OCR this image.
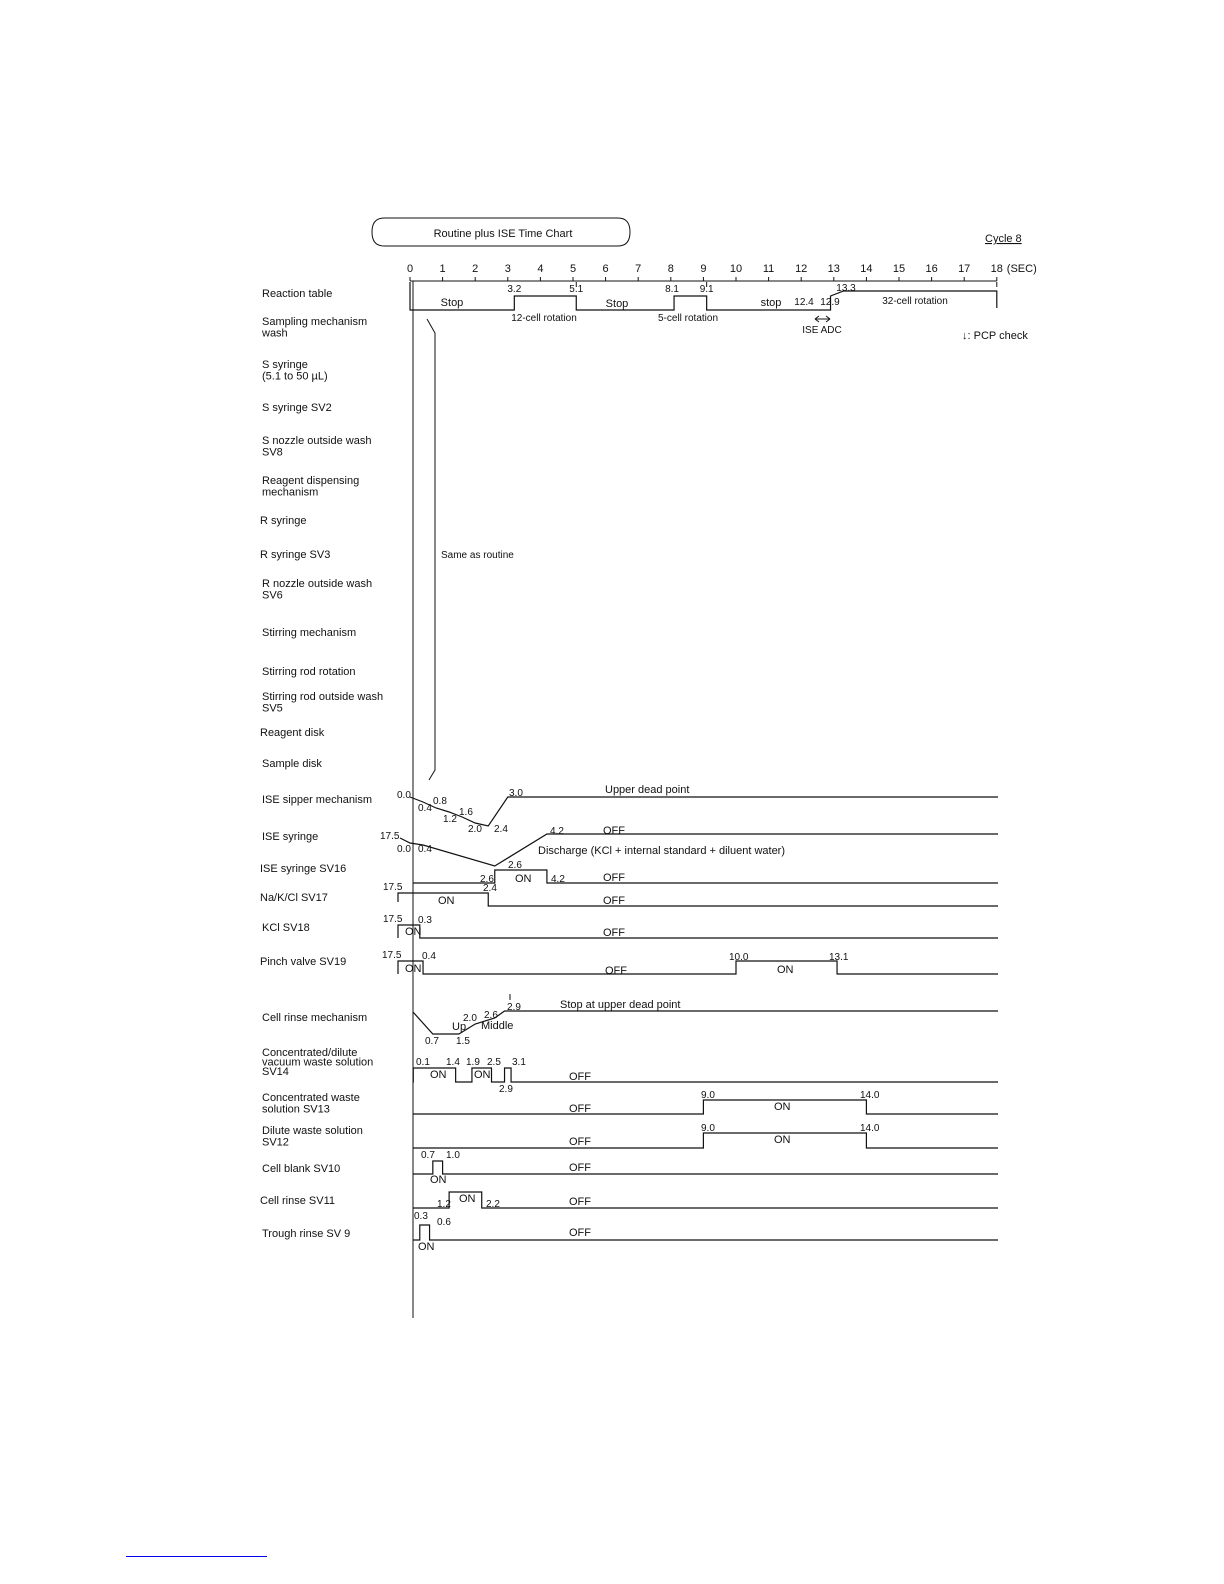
Routine plus ISE Time Chart	Cycle 8
↓: PCP check
Same as routine
0 1 2 3 4 5 6 7 8 9 10 11 12 13 14 15 16 17 18 (SEC)
Reaction table
Sampling mechanism
wash
S syringe
(5.1 to 50 µL)
S syringe SV2
S nozzle outside wash
SV8
Reagent dispensing
mechanism
R syringe
R syringe SV3
R nozzle outside wash
SV6
Stirring mechanism
Stirring rod rotation
Stirring rod outside wash
SV5
Reagent disk
Sample disk
ISE sipper mechanism
ISE syringe
ISE syringe SV16
Na/K/Cl SV17
KCl SV18
Pinch valve SV19
Cell rinse mechanism
Concentrated/dilute
vacuum waste solution
SV14
Concentrated waste
solution SV13
Dilute waste solution
SV12
Cell blank SV10
Cell rinse SV11
Trough rinse SV 9
Stop
12-cell rotation
Stop
5-cell rotation
stop	32-cell rotation
3.2	5.1	8.1 9.1
12.4 12.9
13.3
ISE ADC
0.0
0.4
0.8
1.2
1.6
2.0 2.4
3.0	Upper dead point
17.5
0.0 0.4
2.6
4.2	OFF
Discharge (KCl + internal standard + diluent water)
2.6	4.2
ON	OFF
17.5	2.4
ON	OFF
17.5 0.3
ON	OFF
17.5 0.4	10.0	13.1
ON	ON
OFF
0.7 1.5
2.0 2.6
2.9
Up Middle
Stop at upper dead point
0.1 1.4 1.9 2.5 3.1
2.9
ON	ON	OFF
9.0	14.0
ON
OFF
9.0	14.0
ON
OFF
0.7 1.0
ON
OFF
1.2	2.2
ON	OFF
0.3
0.6
ON
OFF
